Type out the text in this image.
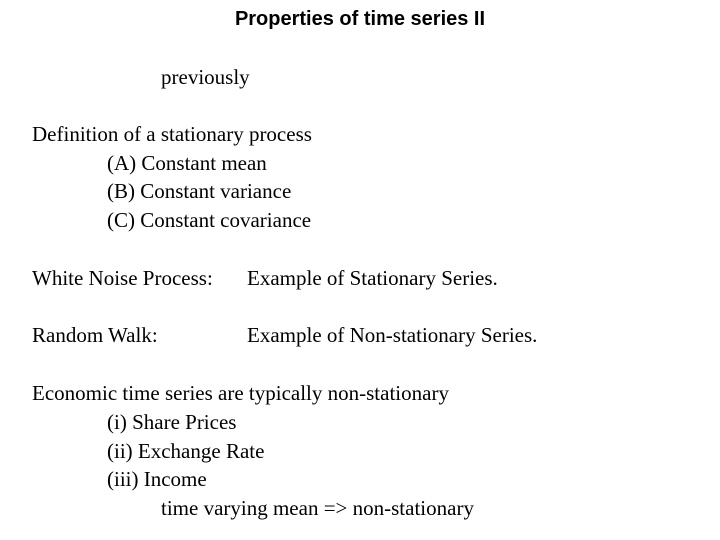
Properties of time series II
previously
Definition of a stationary process
(A) Constant mean
(B) Constant variance
(C) Constant covariance
White Noise Process: Example of Stationary Series.
Random Walk:	Example of Non-stationary Series.
Economic time series are typically non-stationary
(i) Share Prices
(ii) Exchange Rate
(iii) Income
time varying mean => non-stationary
